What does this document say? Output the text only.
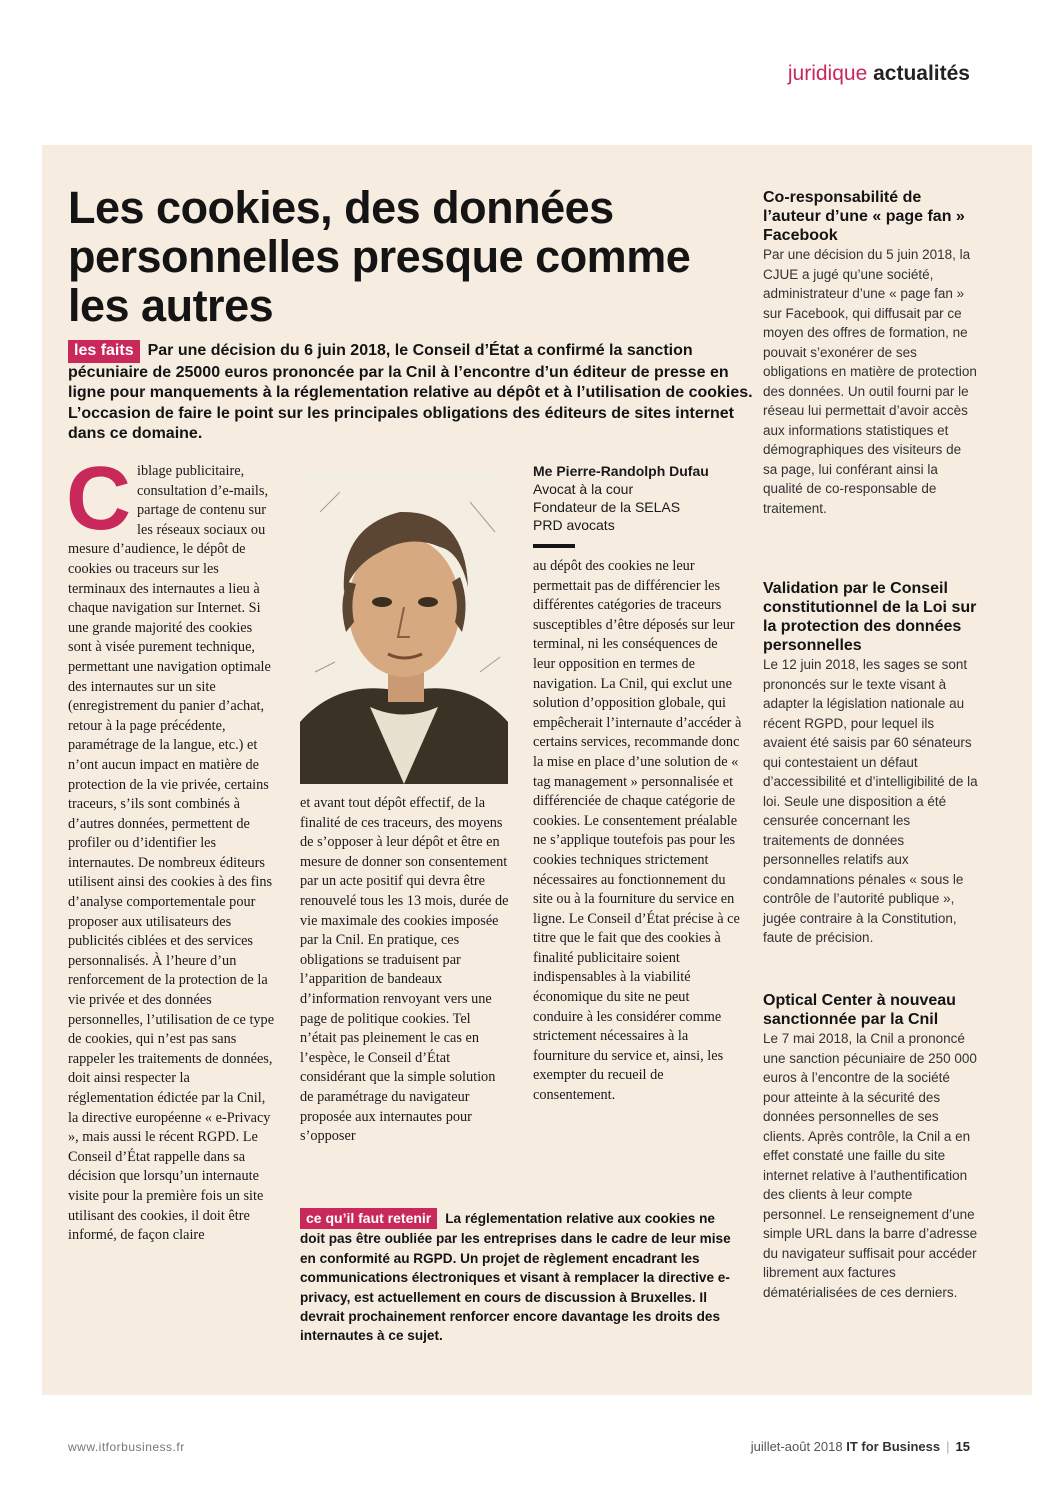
juridique actualités
Les cookies, des données personnelles presque comme les autres
les faits Par une décision du 6 juin 2018, le Conseil d’État a confirmé la sanction pécuniaire de 25000 euros prononcée par la Cnil à l’encontre d’un éditeur de presse en ligne pour manquements à la réglementation relative au dépôt et à l’utilisation de cookies. L’occasion de faire le point sur les principales obligations des éditeurs de sites internet dans ce domaine.
C iblage publicitaire, consultation d’e-mails, partage de contenu sur les réseaux sociaux ou mesure d’audience, le dépôt de cookies ou traceurs sur les terminaux des internautes a lieu à chaque navigation sur Internet. Si une grande majorité des cookies sont à visée purement technique, permettant une navigation optimale des internautes sur un site (enregistrement du panier d’achat, retour à la page précédente, paramétrage de la langue, etc.) et n’ont aucun impact en matière de protection de la vie privée, certains traceurs, s’ils sont combinés à d’autres données, permettent de profiler ou d’identifier les internautes. De nombreux éditeurs utilisent ainsi des cookies à des fins d’analyse comportementale pour proposer aux utilisateurs des publicités ciblées et des services personnalisés. À l’heure d’un renforcement de la protection de la vie privée et des données personnelles, l’utilisation de ce type de cookies, qui n’est pas sans rappeler les traitements de données, doit ainsi respecter la réglementation édictée par la Cnil, la directive européenne « e-Privacy », mais aussi le récent RGPD. Le Conseil d’État rappelle dans sa décision que lorsqu’un internaute visite pour la première fois un site utilisant des cookies, il doit être informé, de façon claire

et avant tout dépôt effectif, de la finalité de ces traceurs, des moyens de s’opposer à leur dépôt et être en mesure de donner son consentement par un acte positif qui devra être renouvelé tous les 13 mois, durée de vie maximale des cookies imposée par la Cnil. En pratique, ces obligations se traduisent par l’apparition de bandeaux d’information renvoyant vers une page de politique cookies. Tel n’était pas pleinement le cas en l’espèce, le Conseil d’État considérant que la simple solution de paramétrage du navigateur proposée aux internautes pour s’opposer

Me Pierre-Randolph Dufau
Avocat à la cour
Fondateur de la SELAS
PRD avocats

au dépôt des cookies ne leur permettait pas de différencier les différentes catégories de traceurs susceptibles d’être déposés sur leur terminal, ni les conséquences de leur opposition en termes de navigation. La Cnil, qui exclut une solution d’opposition globale, qui empêcherait l’internaute d’accéder à certains services, recommande donc la mise en place d’une solution de « tag management » personnalisée et différenciée de chaque catégorie de cookies. Le consentement préalable ne s’applique toutefois pas pour les cookies techniques strictement nécessaires au fonctionnement du site ou à la fourniture du service en ligne. Le Conseil d’État précise à ce titre que le fait que des cookies à finalité publicitaire soient indispensables à la viabilité économique du site ne peut conduire à les considérer comme strictement nécessaires à la fourniture du service et, ainsi, les exempter du recueil de consentement.

ce qu’il faut retenir La réglementation relative aux cookies ne doit pas être oubliée par les entreprises dans le cadre de leur mise en conformité au RGPD. Un projet de règlement encadrant les communications électroniques et visant à remplacer la directive e-privacy, est actuellement en cours de discussion à Bruxelles. Il devrait prochainement renforcer encore davantage les droits des internautes à ce sujet.
Co-responsabilité de l’auteur d’une « page fan » Facebook

Par une décision du 5 juin 2018, la CJUE a jugé qu’une société, administrateur d’une « page fan » sur Facebook, qui diffusait par ce moyen des offres de formation, ne pouvait s’exonérer de ses obligations en matière de protection des données. Un outil fourni par le réseau lui permettait d’avoir accès aux informations statistiques et démographiques des visiteurs de sa page, lui conférant ainsi la qualité de co-responsable de traitement.

Validation par le Conseil constitutionnel de la Loi sur la protection des données personnelles

Le 12 juin 2018, les sages se sont prononcés sur le texte visant à adapter la législation nationale au récent RGPD, pour lequel ils avaient été saisis par 60 sénateurs qui contestaient un défaut d’accessibilité et d’intelligibilité de la loi. Seule une disposition a été censurée concernant les traitements de données personnelles relatifs aux condamnations pénales « sous le contrôle de l’autorité publique », jugée contraire à la Constitution, faute de précision.

Optical Center à nouveau sanctionnée par la Cnil

Le 7 mai 2018, la Cnil a prononcé une sanction pécuniaire de 250 000 euros à l’encontre de la société pour atteinte à la sécurité des données personnelles de ses clients. Après contrôle, la Cnil a en effet constaté une faille du site internet relative à l’authentification des clients à leur compte personnel. Le renseignement d’une simple URL dans la barre d’adresse du navigateur suffisait pour accéder librement aux factures dématérialisées de ces derniers.

www.itforbusiness.fr	juillet-août 2018 IT for Business | 15
